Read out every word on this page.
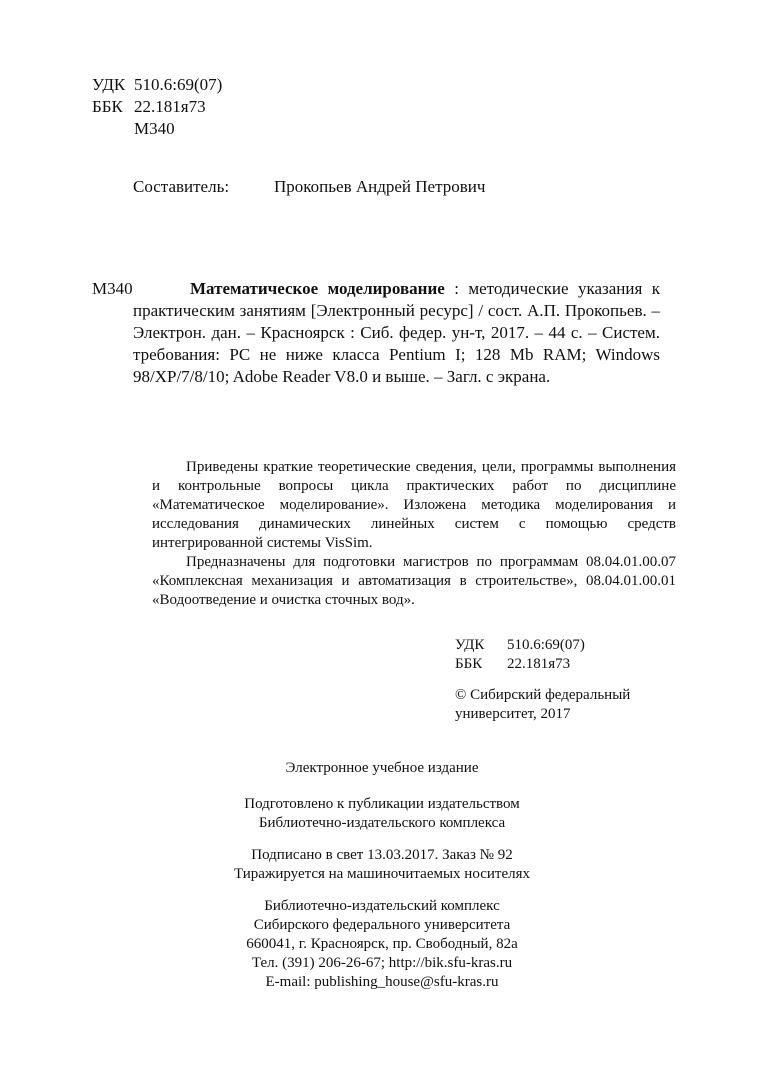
УДК 510.6:69(07)
ББК 22.181я73
М340
Составитель:	Прокопьев Андрей Петрович
М340	Математическое моделирование : методические указания к практическим занятиям [Электронный ресурс] / сост. А.П. Прокопьев. – Электрон. дан. – Красноярск : Сиб. федер. ун-т, 2017. – 44 с. – Систем. требования: PC не ниже класса Pentium I; 128 Mb RAM; Windows 98/XP/7/8/10; Adobe Reader V8.0 и выше. – Загл. с экрана.

Приведены краткие теоретические сведения, цели, программы выполнения и контрольные вопросы цикла практических работ по дисциплине «Математическое моделирование». Изложена методика моделирования и исследования динамических линейных систем с помощью средств интегрированной системы VisSim.

Предназначены для подготовки магистров по программам 08.04.01.00.07 «Комплексная механизация и автоматизация в строительстве», 08.04.01.00.01 «Водоотведение и очистка сточных вод».

УДК	510.6:69(07)
ББК	22.181я73
© Сибирский федеральный
университет, 2017
Электронное учебное издание
Подготовлено к публикации издательством
Библиотечно-издательского комплекса
Подписано в свет 13.03.2017. Заказ № 92
Тиражируется на машиночитаемых носителях
Библиотечно-издательский комплекс
Сибирского федерального университета
660041, г. Красноярск, пр. Свободный, 82а
Тел. (391) 206-26-67; http://bik.sfu-kras.ru
E-mail: publishing_house@sfu-kras.ru
